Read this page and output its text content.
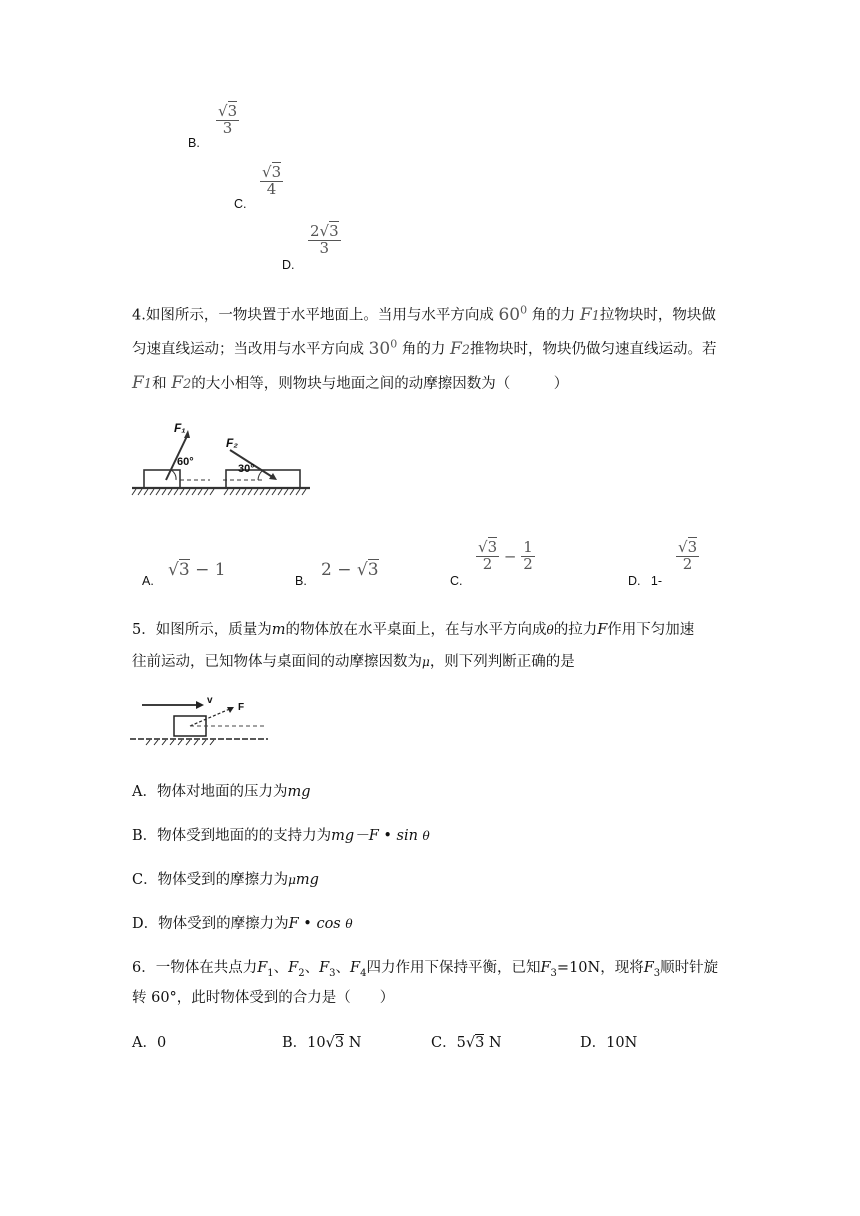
B.
$\frac{√3}{3}$
C.
$\frac{√3}{4}$
D.
$\frac{2√3}{3}$
4.如图所示，一物块置于水平地面上。当用与水平方向成 $60^0$ 角的力 F1拉物块时，物块做
匀速直线运动；当改用与水平方向成 $30^0$ 角的力 F2推物块时，物块仍做匀速直线运动。若
F1和 F2的大小相等，则物块与地面之间的动摩擦因数为（　　　）
F₁
60°
F₂
30°
A.
√3 − 1
B.
2 − √3
C.
$\frac{√3}{2} - \frac{1}{2}$
D. 1-
$\frac{√3}{2}$
5．如图所示，质量为m的物体放在水平桌面上，在与水平方向成θ的拉力F作用下匀加速
往前运动，已知物体与桌面间的动摩擦因数为μ，则下列判断正确的是
v
F
A．物体对地面的压力为mg
B．物体受到地面的的支持力为mg－F • sin θ
C．物体受到的摩擦力为μmg
D．物体受到的摩擦力为F • cos θ
6．一物体在共点力$F_1$、$F_2$、$F_3$、$F_4$四力作用下保持平衡，已知$F_3=10N$，现将$F_3$顺时针旋
转 60°，此时物体受到的合力是（　　）
A．0	B．10√3 N	C．5√3 N	D．10N
